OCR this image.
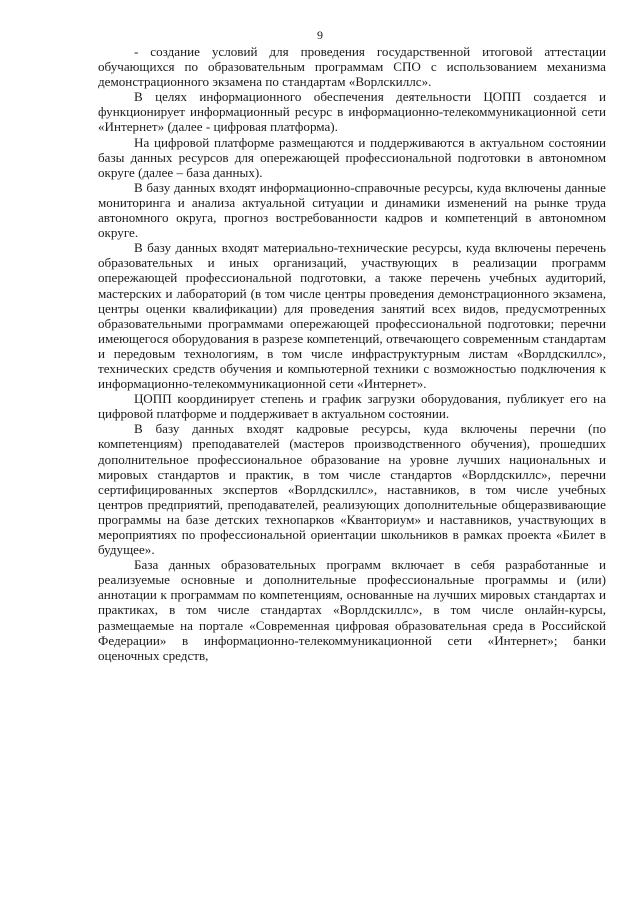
9

- создание условий для проведения государственной итоговой аттестации обучающихся по образовательным программам СПО с использованием механизма демонстрационного экзамена по стандартам «Ворлскиллс».

В целях информационного обеспечения деятельности ЦОПП создается и функционирует информационный ресурс в информационно-телекоммуникационной сети «Интернет» (далее - цифровая платформа).

На цифровой платформе размещаются и поддерживаются в актуальном состоянии базы данных ресурсов для опережающей профессиональной подготовки в автономном округе (далее – база данных).

В базу данных входят информационно-справочные ресурсы, куда включены данные мониторинга и анализа актуальной ситуации и динамики изменений на рынке труда автономного округа, прогноз востребованности кадров и компетенций в автономном округе.

В базу данных входят материально-технические ресурсы, куда включены перечень образовательных и иных организаций, участвующих в реализации программ опережающей профессиональной подготовки, а также перечень учебных аудиторий, мастерских и лабораторий (в том числе центры проведения демонстрационного экзамена, центры оценки квалификации) для проведения занятий всех видов, предусмотренных образовательными программами опережающей профессиональной подготовки; перечни имеющегося оборудования в разрезе компетенций, отвечающего современным стандартам и передовым технологиям, в том числе инфраструктурным листам «Ворлдскиллс», технических средств обучения и компьютерной техники с возможностью подключения к информационно-телекоммуникационной сети «Интернет».

ЦОПП координирует степень и график загрузки оборудования, публикует его на цифровой платформе и поддерживает в актуальном состоянии.

В базу данных входят кадровые ресурсы, куда включены перечни (по компетенциям) преподавателей (мастеров производственного обучения), прошедших дополнительное профессиональное образование на уровне лучших национальных и мировых стандартов и практик, в том числе стандартов «Ворлдскиллс», перечни сертифицированных экспертов «Ворлдскиллс», наставников, в том числе учебных центров предприятий, преподавателей, реализующих дополнительные общеразвивающие программы на базе детских технопарков «Кванториум» и наставников, участвующих в мероприятиях по профессиональной ориентации школьников в рамках проекта «Билет в будущее».

База данных образовательных программ включает в себя разработанные и реализуемые основные и дополнительные профессиональные программы и (или) аннотации к программам по компетенциям, основанные на лучших мировых стандартах и практиках, в том числе стандартах «Ворлдскиллс», в том числе онлайн-курсы, размещаемые на портале «Современная цифровая образовательная среда в Российской Федерации» в информационно-телекоммуникационной сети «Интернет»; банки оценочных средств,
